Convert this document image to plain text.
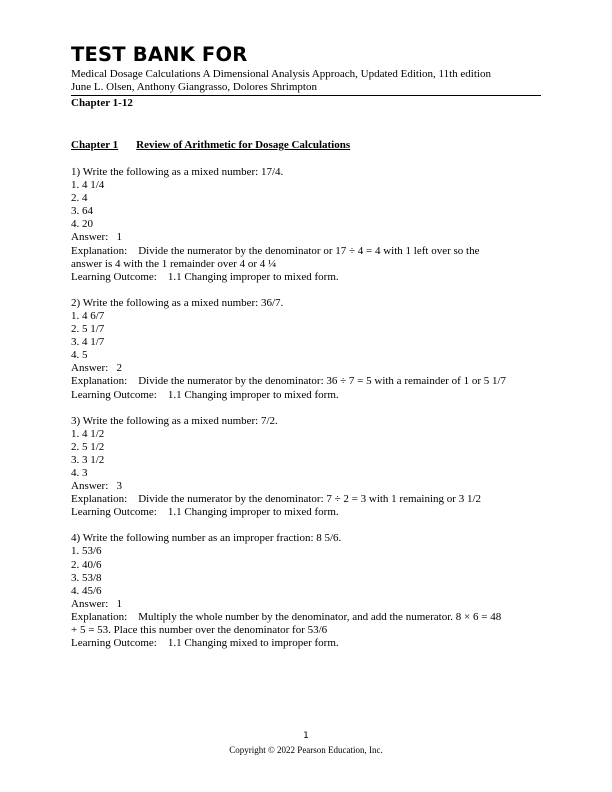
TEST BANK FOR
Medical Dosage Calculations A Dimensional Analysis Approach, Updated Edition, 11th edition
June L. Olsen, Anthony Giangrasso, Dolores Shrimpton
Chapter 1-12
Chapter 1 Review of Arithmetic for Dosage Calculations
1) Write the following as a mixed number: 17/4.
1. 4 1/4
2. 4
3. 64
4. 20
Answer: 1
Explanation: Divide the numerator by the denominator or 17 ÷ 4 = 4 with 1 left over so the
answer is 4 with the 1 remainder over 4 or 4 ¼
Learning Outcome: 1.1 Changing improper to mixed form.
2) Write the following as a mixed number: 36/7.
1. 4 6/7
2. 5 1/7
3. 4 1/7
4. 5
Answer: 2
Explanation: Divide the numerator by the denominator: 36 ÷ 7 = 5 with a remainder of 1 or 5 1/7
Learning Outcome: 1.1 Changing improper to mixed form.
3) Write the following as a mixed number: 7/2.
1. 4 1/2
2. 5 1/2
3. 3 1/2
4. 3
Answer: 3
Explanation: Divide the numerator by the denominator: 7 ÷ 2 = 3 with 1 remaining or 3 1/2
Learning Outcome: 1.1 Changing improper to mixed form.
4) Write the following number as an improper fraction: 8 5/6.
1. 53/6
2. 40/6
3. 53/8
4. 45/6
Answer: 1
Explanation: Multiply the whole number by the denominator, and add the numerator. 8 × 6 = 48
+ 5 = 53. Place this number over the denominator for 53/6
Learning Outcome: 1.1 Changing mixed to improper form.
1
Copyright © 2022 Pearson Education, Inc.
